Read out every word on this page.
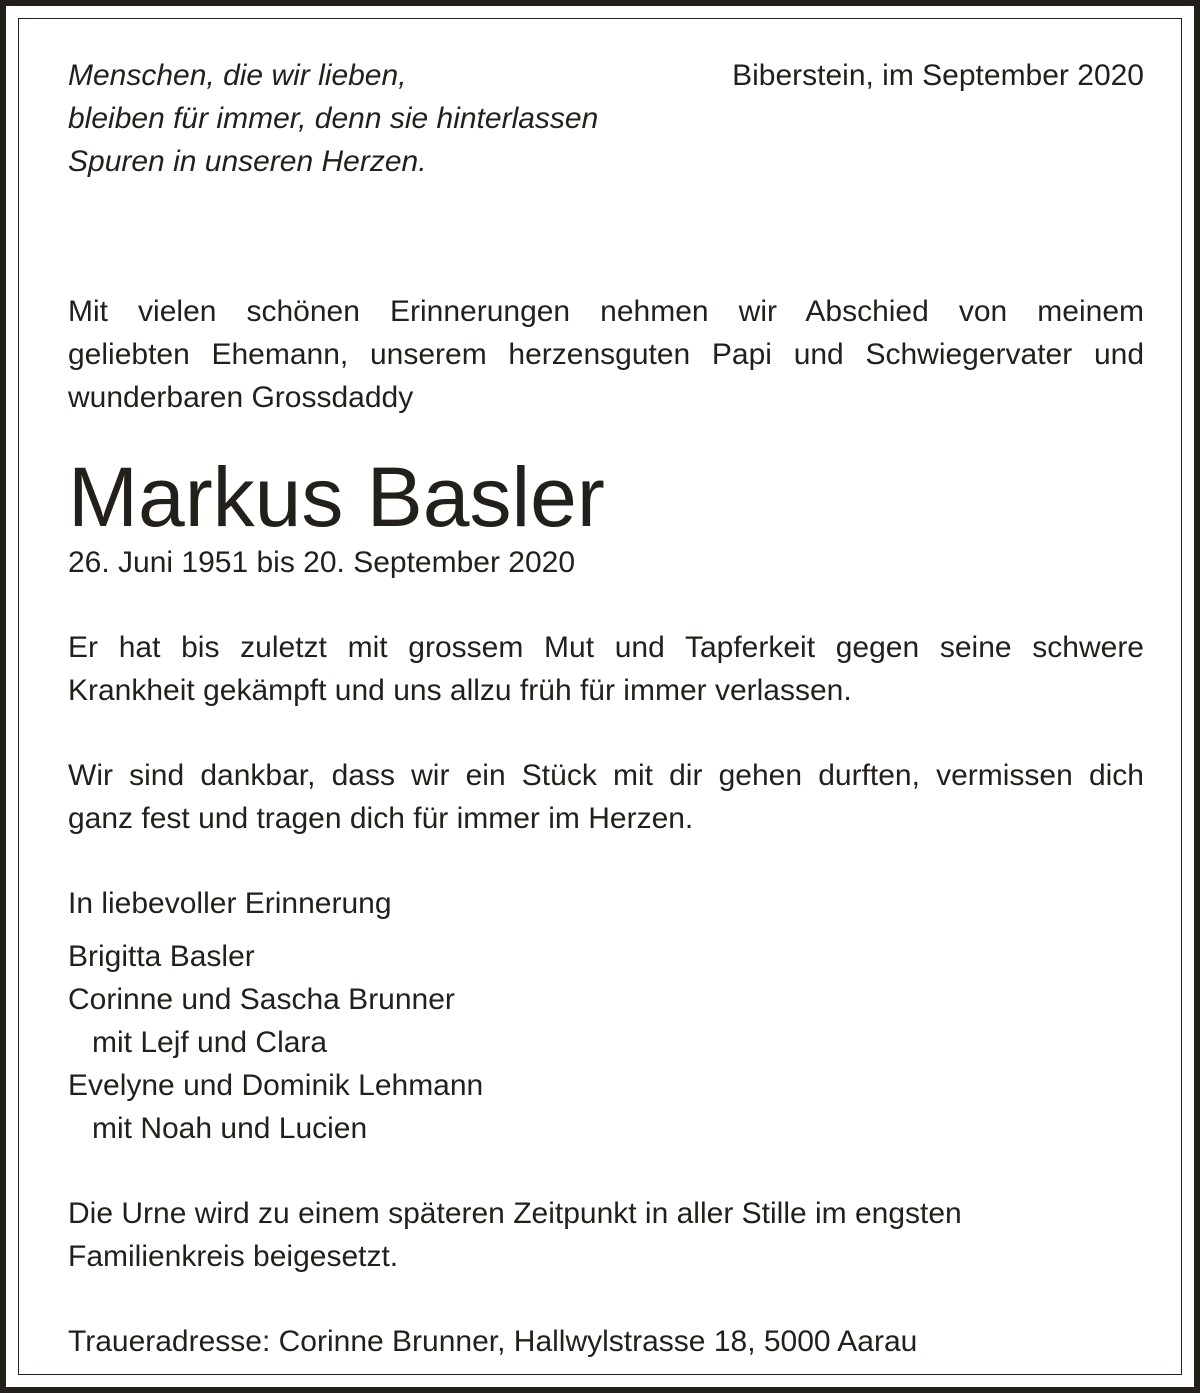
Menschen, die wir lieben,
bleiben für immer, denn sie hinterlassen
Spuren in unseren Herzen.
Biberstein, im September 2020
Mit vielen schönen Erinnerungen nehmen wir Abschied von meinem
geliebten Ehemann, unserem herzensguten Papi und Schwiegervater und
wunderbaren Grossdaddy
Markus Basler
26. Juni 1951 bis 20. September 2020
Er hat bis zuletzt mit grossem Mut und Tapferkeit gegen seine schwere
Krankheit gekämpft und uns allzu früh für immer verlassen.
Wir sind dankbar, dass wir ein Stück mit dir gehen durften, vermissen dich
ganz fest und tragen dich für immer im Herzen.
In liebevoller Erinnerung
Brigitta Basler
Corinne und Sascha Brunner
mit Lejf und Clara
Evelyne und Dominik Lehmann
mit Noah und Lucien
Die Urne wird zu einem späteren Zeitpunkt in aller Stille im engsten
Familienkreis beigesetzt.
Traueradresse: Corinne Brunner, Hallwylstrasse 18, 5000 Aarau
